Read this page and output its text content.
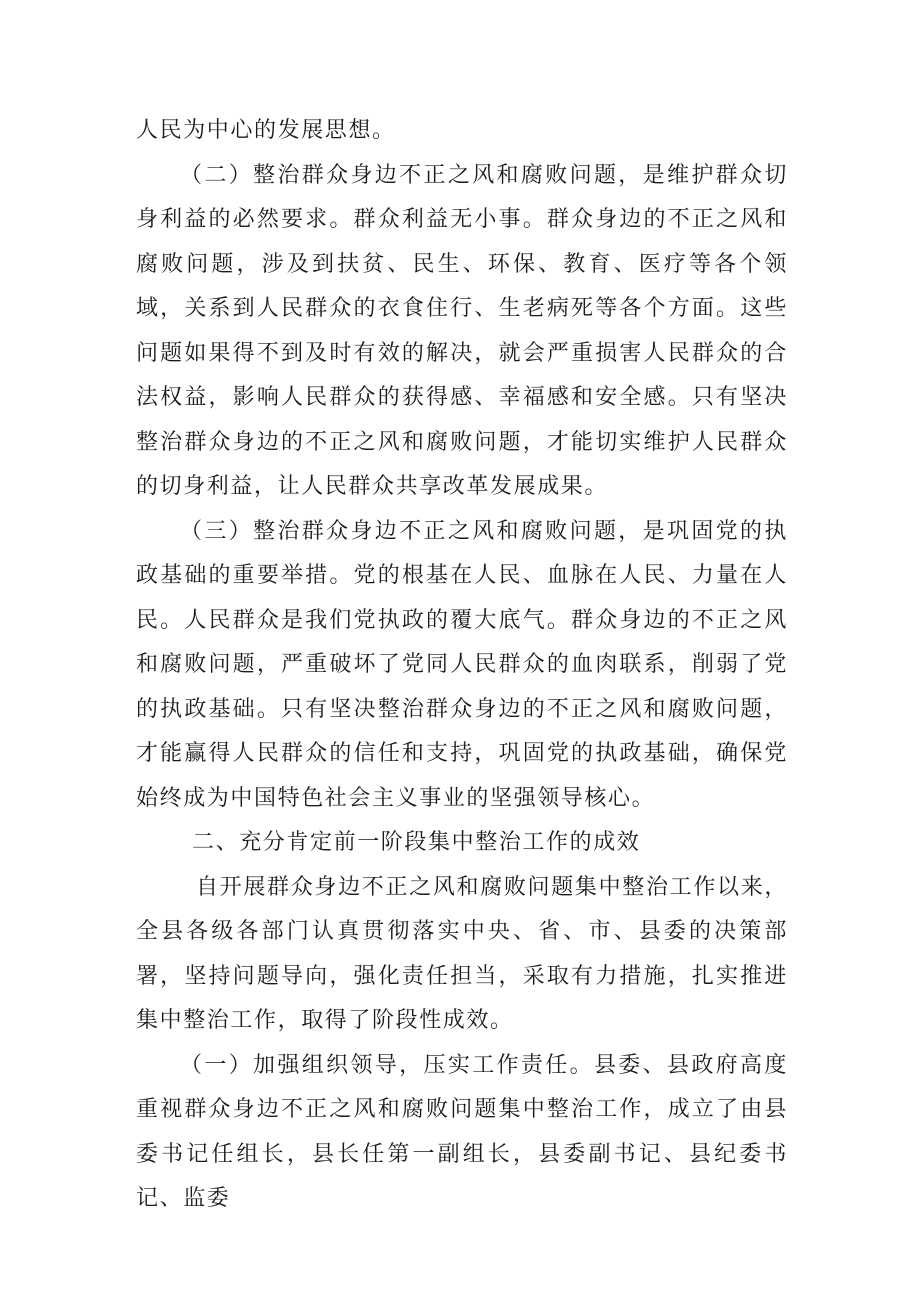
人民为中心的发展思想。

（二）整治群众身边不正之风和腐败问题，是维护群众切身利益的必然要求。群众利益无小事。群众身边的不正之风和腐败问题，涉及到扶贫、民生、环保、教育、医疗等各个领域，关系到人民群众的衣食住行、生老病死等各个方面。这些问题如果得不到及时有效的解决，就会严重损害人民群众的合法权益，影响人民群众的获得感、幸福感和安全感。只有坚决整治群众身边的不正之风和腐败问题，才能切实维护人民群众的切身利益，让人民群众共享改革发展成果。

（三）整治群众身边不正之风和腐败问题，是巩固党的执政基础的重要举措。党的根基在人民、血脉在人民、力量在人民。人民群众是我们党执政的覆大底气。群众身边的不正之风和腐败问题，严重破坏了党同人民群众的血肉联系，削弱了党的执政基础。只有坚决整治群众身边的不正之风和腐败问题，才能赢得人民群众的信任和支持，巩固党的执政基础，确保党始终成为中国特色社会主义事业的坚强领导核心。

二、充分肯定前一阶段集中整治工作的成效

自开展群众身边不正之风和腐败问题集中整治工作以来，全县各级各部门认真贯彻落实中央、省、市、县委的决策部署，坚持问题导向，强化责任担当，采取有力措施，扎实推进集中整治工作，取得了阶段性成效。

（一）加强组织领导，压实工作责任。县委、县政府高度重视群众身边不正之风和腐败问题集中整治工作，成立了由县委书记任组长，县长任第一副组长，县委副书记、县纪委书记、监委
